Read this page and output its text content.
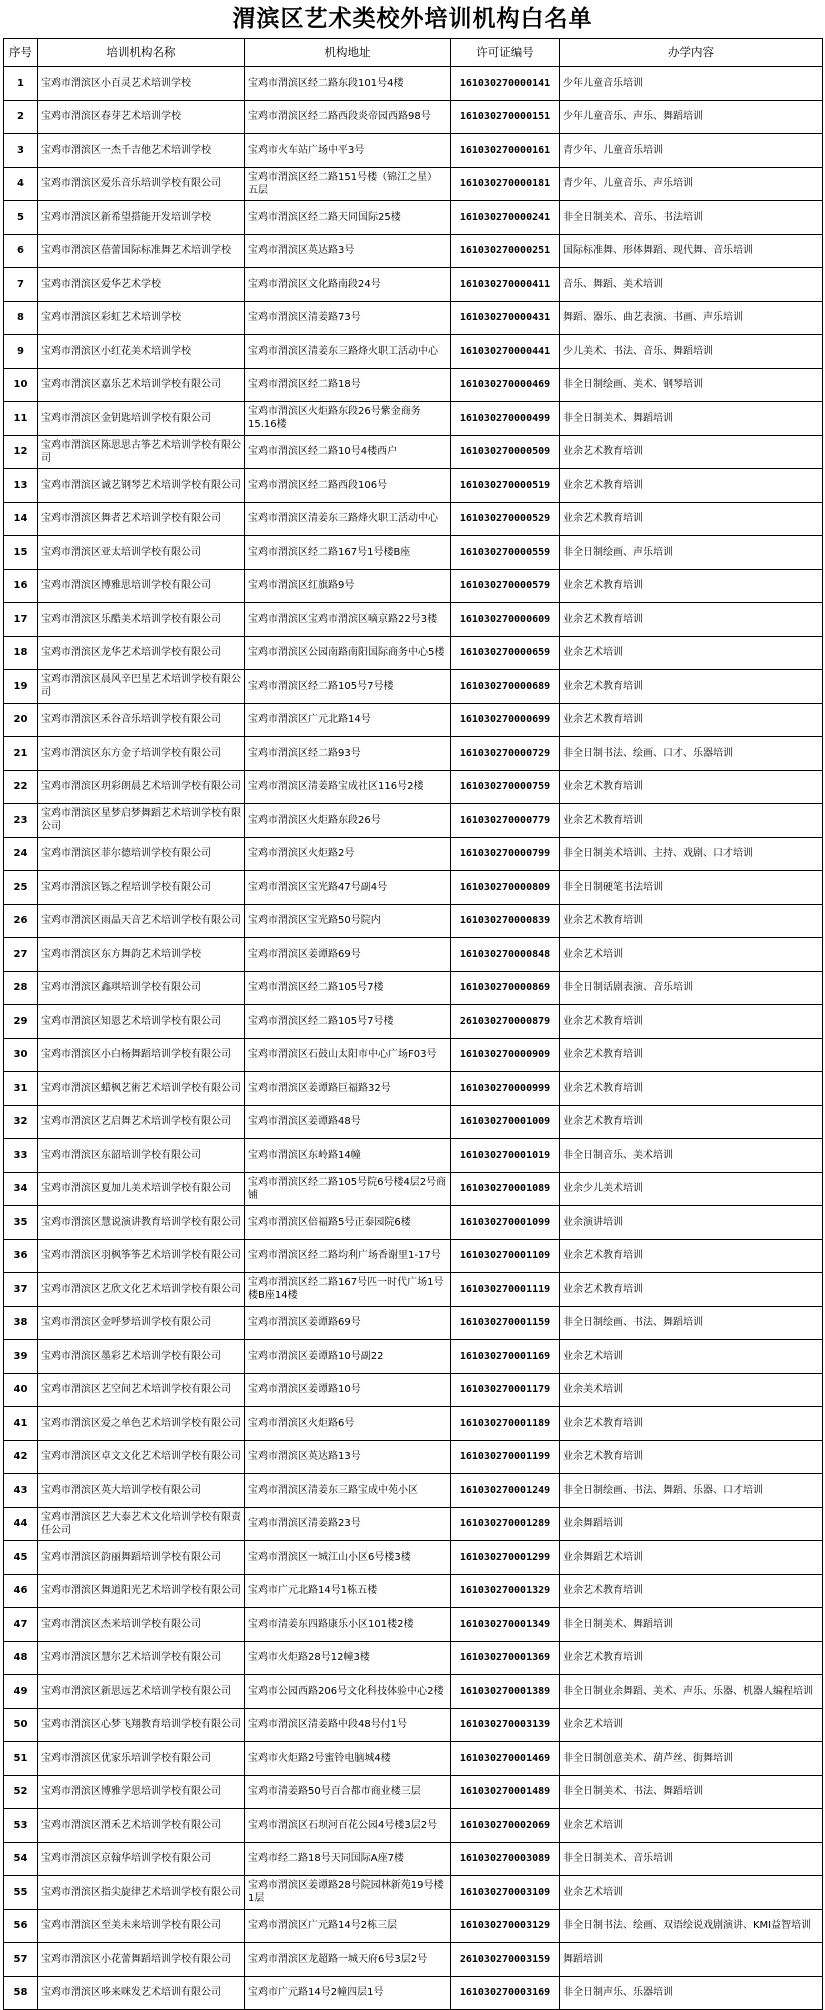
渭滨区艺术类校外培训机构白名单
序号	培训机构名称	机构地址	许可证编号	办学内容
1	宝鸡市渭滨区小百灵艺术培训学校	宝鸡市渭滨区经二路东段101号4楼	161030270000141	少年儿童音乐培训
2	宝鸡市渭滨区春芽艺术培训学校	宝鸡市渭滨区经二路西段炎帝园西路98号	161030270000151	少年儿童音乐、声乐、舞蹈培训
3	宝鸡市渭滨区一杰千吉他艺术培训学校	宝鸡市火车站广场中平3号	161030270000161	青少年、儿童音乐培训
4	宝鸡市渭滨区爱乐音乐培训学校有限公司	宝鸡市渭滨区经二路151号楼（锦江之星）五层	161030270000181	青少年、儿童音乐、声乐培训
5	宝鸡市渭滨区新希望搭能开发培训学校	宝鸡市渭滨区经二路天同国际25楼	161030270000241	非全日制美术、音乐、书法培训
6	宝鸡市渭滨区蓓蕾国际标准舞艺术培训学校	宝鸡市渭滨区英达路3号	161030270000251	国际标准舞、形体舞蹈、现代舞、音乐培训
7	宝鸡市渭滨区爱华艺术学校	宝鸡市渭滨区文化路南段24号	161030270000411	音乐、舞蹈、美术培训
8	宝鸡市渭滨区彩虹艺术培训学校	宝鸡市渭滨区清姜路73号	161030270000431	舞蹈、器乐、曲艺表演、书画、声乐培训
9	宝鸡市渭滨区小红花美术培训学校	宝鸡市渭滨区清姜东三路烽火职工活动中心	161030270000441	少儿美术、书法、音乐、舞蹈培训
10	宝鸡市渭滨区嘉乐艺术培训学校有限公司	宝鸡市渭滨区经二路18号	161030270000469	非全日制绘画、美术、钢琴培训
11	宝鸡市渭滨区金钥匙培训学校有限公司	宝鸡市渭滨区火炬路东段26号紫金商务15.16楼	161030270000499	非全日制美术、舞蹈培训
12	宝鸡市渭滨区陈思思古筝艺术培训学校有限公司	宝鸡市渭滨区经二路10号4楼西户	161030270000509	业余艺术教育培训
13	宝鸡市渭滨区诚艺钢琴艺术培训学校有限公司	宝鸡市渭滨区经二路西段106号	161030270000519	业余艺术教育培训
14	宝鸡市渭滨区舞者艺术培训学校有限公司	宝鸡市渭滨区清姜东三路烽火职工活动中心	161030270000529	业余艺术教育培训
15	宝鸡市渭滨区亚太培训学校有限公司	宝鸡市渭滨区经二路167号1号楼B座	161030270000559	非全日制绘画、声乐培训
16	宝鸡市渭滨区博雅思培训学校有限公司	宝鸡市渭滨区红旗路9号	161030270000579	业余艺术教育培训
17	宝鸡市渭滨区乐酷美术培训学校有限公司	宝鸡市渭滨区宝鸡市渭滨区嘀京路22号3楼	161030270000609	业余艺术教育培训
18	宝鸡市渭滨区龙华艺术培训学校有限公司	宝鸡市渭滨区公园南路南阳国际商务中心5楼	161030270000659	业余艺术培训
19	宝鸡市渭滨区晨风辛巴星艺术培训学校有限公司	宝鸡市渭滨区经二路105号7号楼	161030270000689	业余艺术教育培训
20	宝鸡市渭滨区禾谷音乐培训学校有限公司	宝鸡市渭滨区广元北路14号	161030270000699	业余艺术教育培训
21	宝鸡市渭滨区东方金子培训学校有限公司	宝鸡市渭滨区经二路93号	161030270000729	非全日制书法、绘画、口才、乐器培训
22	宝鸡市渭滨区玥彩朗晨艺术培训学校有限公司	宝鸡市渭滨区清姜路宝成社区116号2楼	161030270000759	业余艺术教育培训
23	宝鸡市渭滨区星梦启梦舞蹈艺术培训学校有限公司	宝鸡市渭滨区火炬路东段26号	161030270000779	业余艺术教育培训
24	宝鸡市渭滨区菲尔德培训学校有限公司	宝鸡市渭滨区火炬路2号	161030270000799	非全日制美术培训、主持、戏剧、口才培训
25	宝鸡市渭滨区铄之程培训学校有限公司	宝鸡市渭滨区宝光路47号副4号	161030270000809	非全日制硬笔书法培训
26	宝鸡市渭滨区雨晶天音艺术培训学校有限公司	宝鸡市渭滨区宝光路50号院内	161030270000839	业余艺术教育培训
27	宝鸡市渭滨区东方舞韵艺术培训学校	宝鸡市渭滨区姜谭路69号	161030270000848	业余艺术培训
28	宝鸡市渭滨区鑫琪培训学校有限公司	宝鸡市渭滨区经二路105号7楼	161030270000869	非全日制话剧表演、音乐培训
29	宝鸡市渭滨区知恩艺术培训学校有限公司	宝鸡市渭滨区经二路105号7号楼	261030270000879	业余艺术教育培训
30	宝鸡市渭滨区小白杨舞蹈培训学校有限公司	宝鸡市渭滨区石鼓山太阳市中心广场F03号	161030270000909	业余艺术教育培训
31	宝鸡市渭滨区蜡枫艺術艺术培训学校有限公司	宝鸡市渭滨区姜谭路巨福路32号	161030270000999	业余艺术教育培训
32	宝鸡市渭滨区艺启舞艺术培训学校有限公司	宝鸡市渭滨区姜谭路48号	161030270001009	业余艺术教育培训
33	宝鸡市渭滨区东韶培训学校有限公司	宝鸡市渭滨区东岭路14幢	161030270001019	非全日制音乐、美术培训
34	宝鸡市渭滨区夏加儿美术培训学校有限公司	宝鸡市渭滨区经二路105号院6号楼4层2号商铺	161030270001089	业余少儿美术培训
35	宝鸡市渭滨区慧说演讲教育培训学校有限公司	宝鸡市渭滨区倍福路5号正泰园院6楼	161030270001099	业余演讲培训
36	宝鸡市渭滨区羽枫筝筝艺术培训学校有限公司	宝鸡市渭滨区经二路均利广场香谢里1-17号	161030270001109	业余艺术教育培训
37	宝鸡市渭滨区艺欣文化艺术培训学校有限公司	宝鸡市渭滨区经二路167号匹一时代广场1号楼B座14楼	161030270001119	业余艺术教育培训
38	宝鸡市渭滨区金呼梦培训学校有限公司	宝鸡市渭滨区姜谭路69号	161030270001159	非全日制绘画、书法、舞蹈培训
39	宝鸡市渭滨区墨彩艺术培训学校有限公司	宝鸡市渭滨区姜谭路10号副22	161030270001169	业余艺术培训
40	宝鸡市渭滨区艺空间艺术培训学校有限公司	宝鸡市渭滨区姜谭路10号	161030270001179	业余美术培训
41	宝鸡市渭滨区爱之单色艺术培训学校有限公司	宝鸡市渭滨区火炬路6号	161030270001189	业余艺术教育培训
42	宝鸡市渭滨区卓文文化艺术培训学校有限公司	宝鸡市渭滨区英达路13号	161030270001199	业余艺术教育培训
43	宝鸡市渭滨区英大培训学校有限公司	宝鸡市渭滨区清姜东三路宝成中苑小区	161030270001249	非全日制绘画、书法、舞蹈、乐器、口才培训
44	宝鸡市渭滨区艺大泰艺术文化培训学校有限责任公司	宝鸡市渭滨区清姜路23号	161030270001289	业余舞蹈培训
45	宝鸡市渭滨区韵丽舞蹈培训学校有限公司	宝鸡市渭滨区一城江山小区6号楼3楼	161030270001299	业余舞蹈艺术培训
46	宝鸡市渭滨区舞道阳光艺术培训学校有限公司	宝鸡市广元北路14号1栋五楼	161030270001329	业余艺术教育培训
47	宝鸡市渭滨区杰米培训学校有限公司	宝鸡市清姜东四路康乐小区101楼2楼	161030270001349	非全日制美术、舞蹈培训
48	宝鸡市渭滨区慧尔艺术培训学校有限公司	宝鸡市火炬路28号12幢3楼	161030270001369	业余艺术教育培训
49	宝鸡市渭滨区新思远艺术培训学校有限公司	宝鸡市公园西路206号文化科技体验中心2楼	161030270001389	非全日制业余舞蹈、美术、声乐、乐器、机器人编程培训
50	宝鸡市渭滨区心梦飞翔教育培训学校有限公司	宝鸡市渭滨区清姜路中段48号付1号	161030270003139	业余艺术培训
51	宝鸡市渭滨区优家乐培训学校有限公司	宝鸡市火炬路2号蜜铃电脑城4楼	161030270001469	非全日制创意美术、葫芦丝、街舞培训
52	宝鸡市渭滨区博雅学思培训学校有限公司	宝鸡市清姜路50号百合都市商业楼三层	161030270001489	非全日制美术、书法、舞蹈培训
53	宝鸡市渭滨区渭禾艺术培训学校有限公司	宝鸡市渭滨区石坝河百花公园4号楼3层2号	161030270002069	业余艺术培训
54	宝鸡市渭滨区京翰华培训学校有限公司	宝鸡市经二路18号天同国际A座7楼	161030270003089	非全日制美术、音乐培训
55	宝鸡市渭滨区指尖旋律艺术培训学校有限公司	宝鸡市渭滨区姜谭路28号院园林新苑19号楼1层	161030270003109	业余艺术培训
56	宝鸡市渭滨区至美未来培训学校有限公司	宝鸡市渭滨区广元路14号2栋三层	161030270003129	非全日制书法、绘画、双语绘说戏剧演讲、KMI益智培训
57	宝鸡市渭滨区小花蕾舞蹈培训学校有限公司	宝鸡市渭滨区龙超路一城天府6号3层2号	261030270003159	舞蹈培训
58	宝鸡市渭滨区哆来咪发艺术培训有限公司	宝鸡市广元路14号2幢四层1号	161030270003169	非全日制声乐、乐器培训
